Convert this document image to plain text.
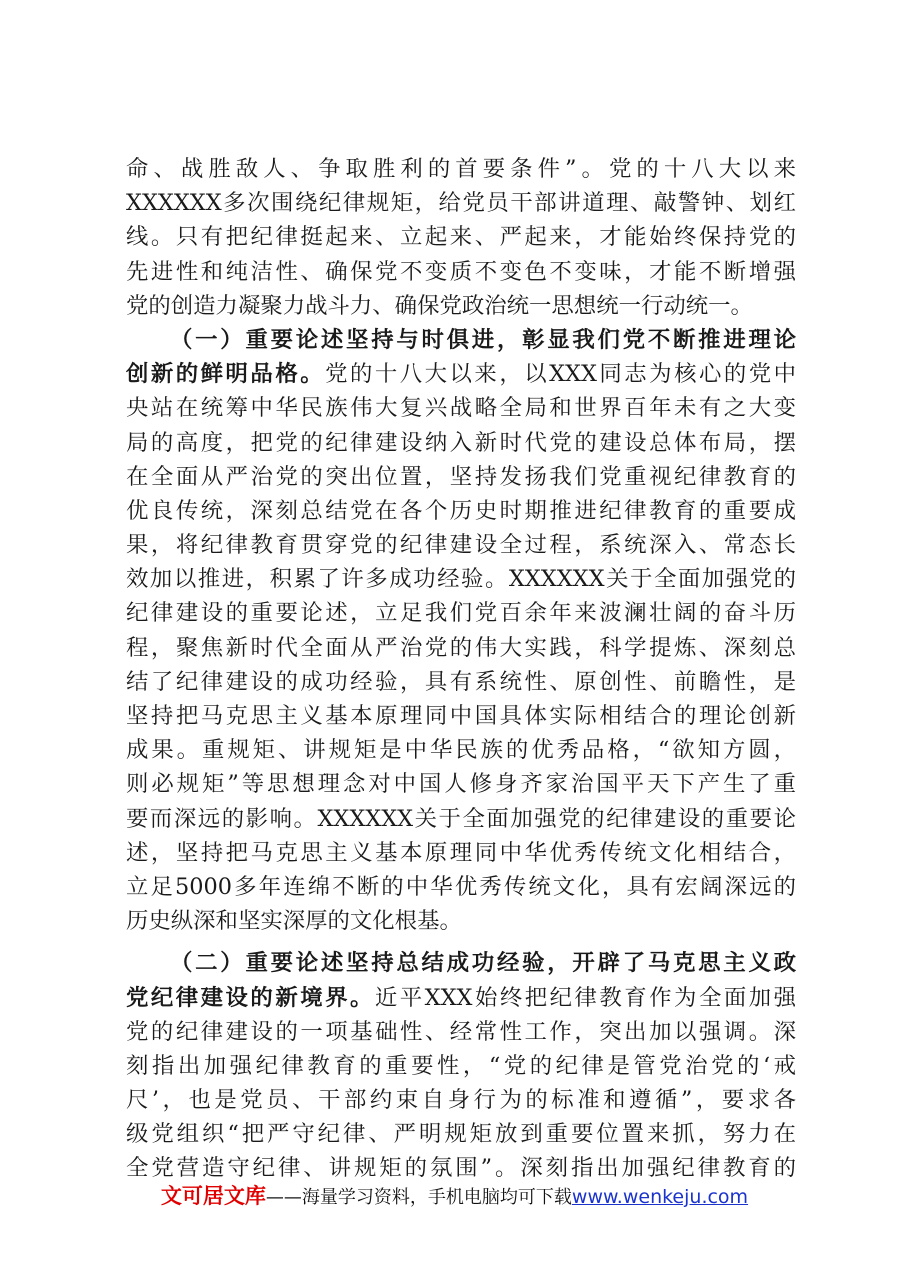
命、战胜敌人、争取胜利的首要条件”。党的十八大以来
XXXXXX多次围绕纪律规矩，给党员干部讲道理、敲警钟、划红
线。只有把纪律挺起来、立起来、严起来，才能始终保持党的
先进性和纯洁性、确保党不变质不变色不变味，才能不断增强
党的创造力凝聚力战斗力、确保党政治统一思想统一行动统一。
（一）重要论述坚持与时俱进，彰显我们党不断推进理论
创新的鲜明品格。党的十八大以来，以XXX同志为核心的党中
央站在统筹中华民族伟大复兴战略全局和世界百年未有之大变
局的高度，把党的纪律建设纳入新时代党的建设总体布局，摆
在全面从严治党的突出位置，坚持发扬我们党重视纪律教育的
优良传统，深刻总结党在各个历史时期推进纪律教育的重要成
果，将纪律教育贯穿党的纪律建设全过程，系统深入、常态长
效加以推进，积累了许多成功经验。XXXXXX关于全面加强党的
纪律建设的重要论述，立足我们党百余年来波澜壮阔的奋斗历
程，聚焦新时代全面从严治党的伟大实践，科学提炼、深刻总
结了纪律建设的成功经验，具有系统性、原创性、前瞻性，是
坚持把马克思主义基本原理同中国具体实际相结合的理论创新
成果。重规矩、讲规矩是中华民族的优秀品格，“欲知方圆，
则必规矩”等思想理念对中国人修身齐家治国平天下产生了重
要而深远的影响。XXXXXX关于全面加强党的纪律建设的重要论
述，坚持把马克思主义基本原理同中华优秀传统文化相结合，
立足5000多年连绵不断的中华优秀传统文化，具有宏阔深远的
历史纵深和坚实深厚的文化根基。
（二）重要论述坚持总结成功经验，开辟了马克思主义政
党纪律建设的新境界。近平XXX始终把纪律教育作为全面加强
党的纪律建设的一项基础性、经常性工作，突出加以强调。深
刻指出加强纪律教育的重要性，“党的纪律是管党治党的‘戒
尺’，也是党员、干部约束自身行为的标准和遵循”，要求各
级党组织“把严守纪律、严明规矩放到重要位置来抓，努力在
全党营造守纪律、讲规矩的氛围”。深刻指出加强纪律教育的
文可居文库——海量学习资料，手机电脑均可下载www.wenkeju.com
